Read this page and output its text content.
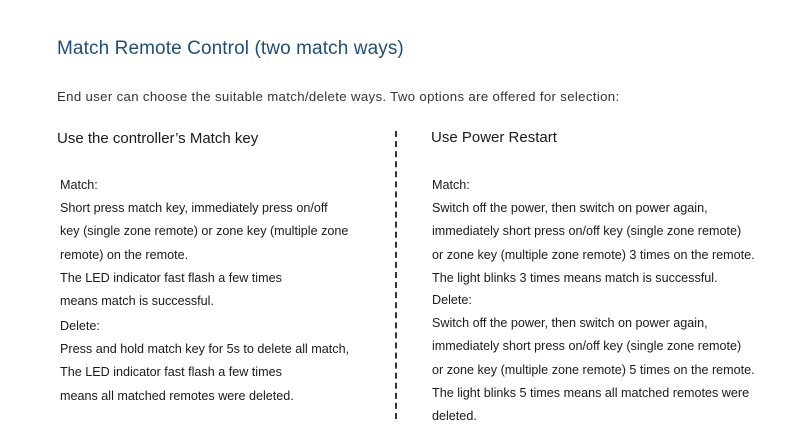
Match Remote Control (two match ways)
End user can choose the suitable match/delete ways. Two options are offered for selection:
Use the controller’s Match key	Use Power Restart
Match:
Short press match key, immediately press on/off
key (single zone remote) or zone key (multiple zone
remote) on the remote.
The LED indicator fast flash a few times
means match is successful.
Delete:
Press and hold match key for 5s to delete all match,
The LED indicator fast flash a few times
means all matched remotes were deleted.
Match:
Switch off the power, then switch on power again,
immediately short press on/off key (single zone remote)
or zone key (multiple zone remote) 3 times on the remote.
The light blinks 3 times means match is successful.
Delete:
Switch off the power, then switch on power again,
immediately short press on/off key (single zone remote)
or zone key (multiple zone remote) 5 times on the remote.
The light blinks 5 times means all matched remotes were
deleted.
